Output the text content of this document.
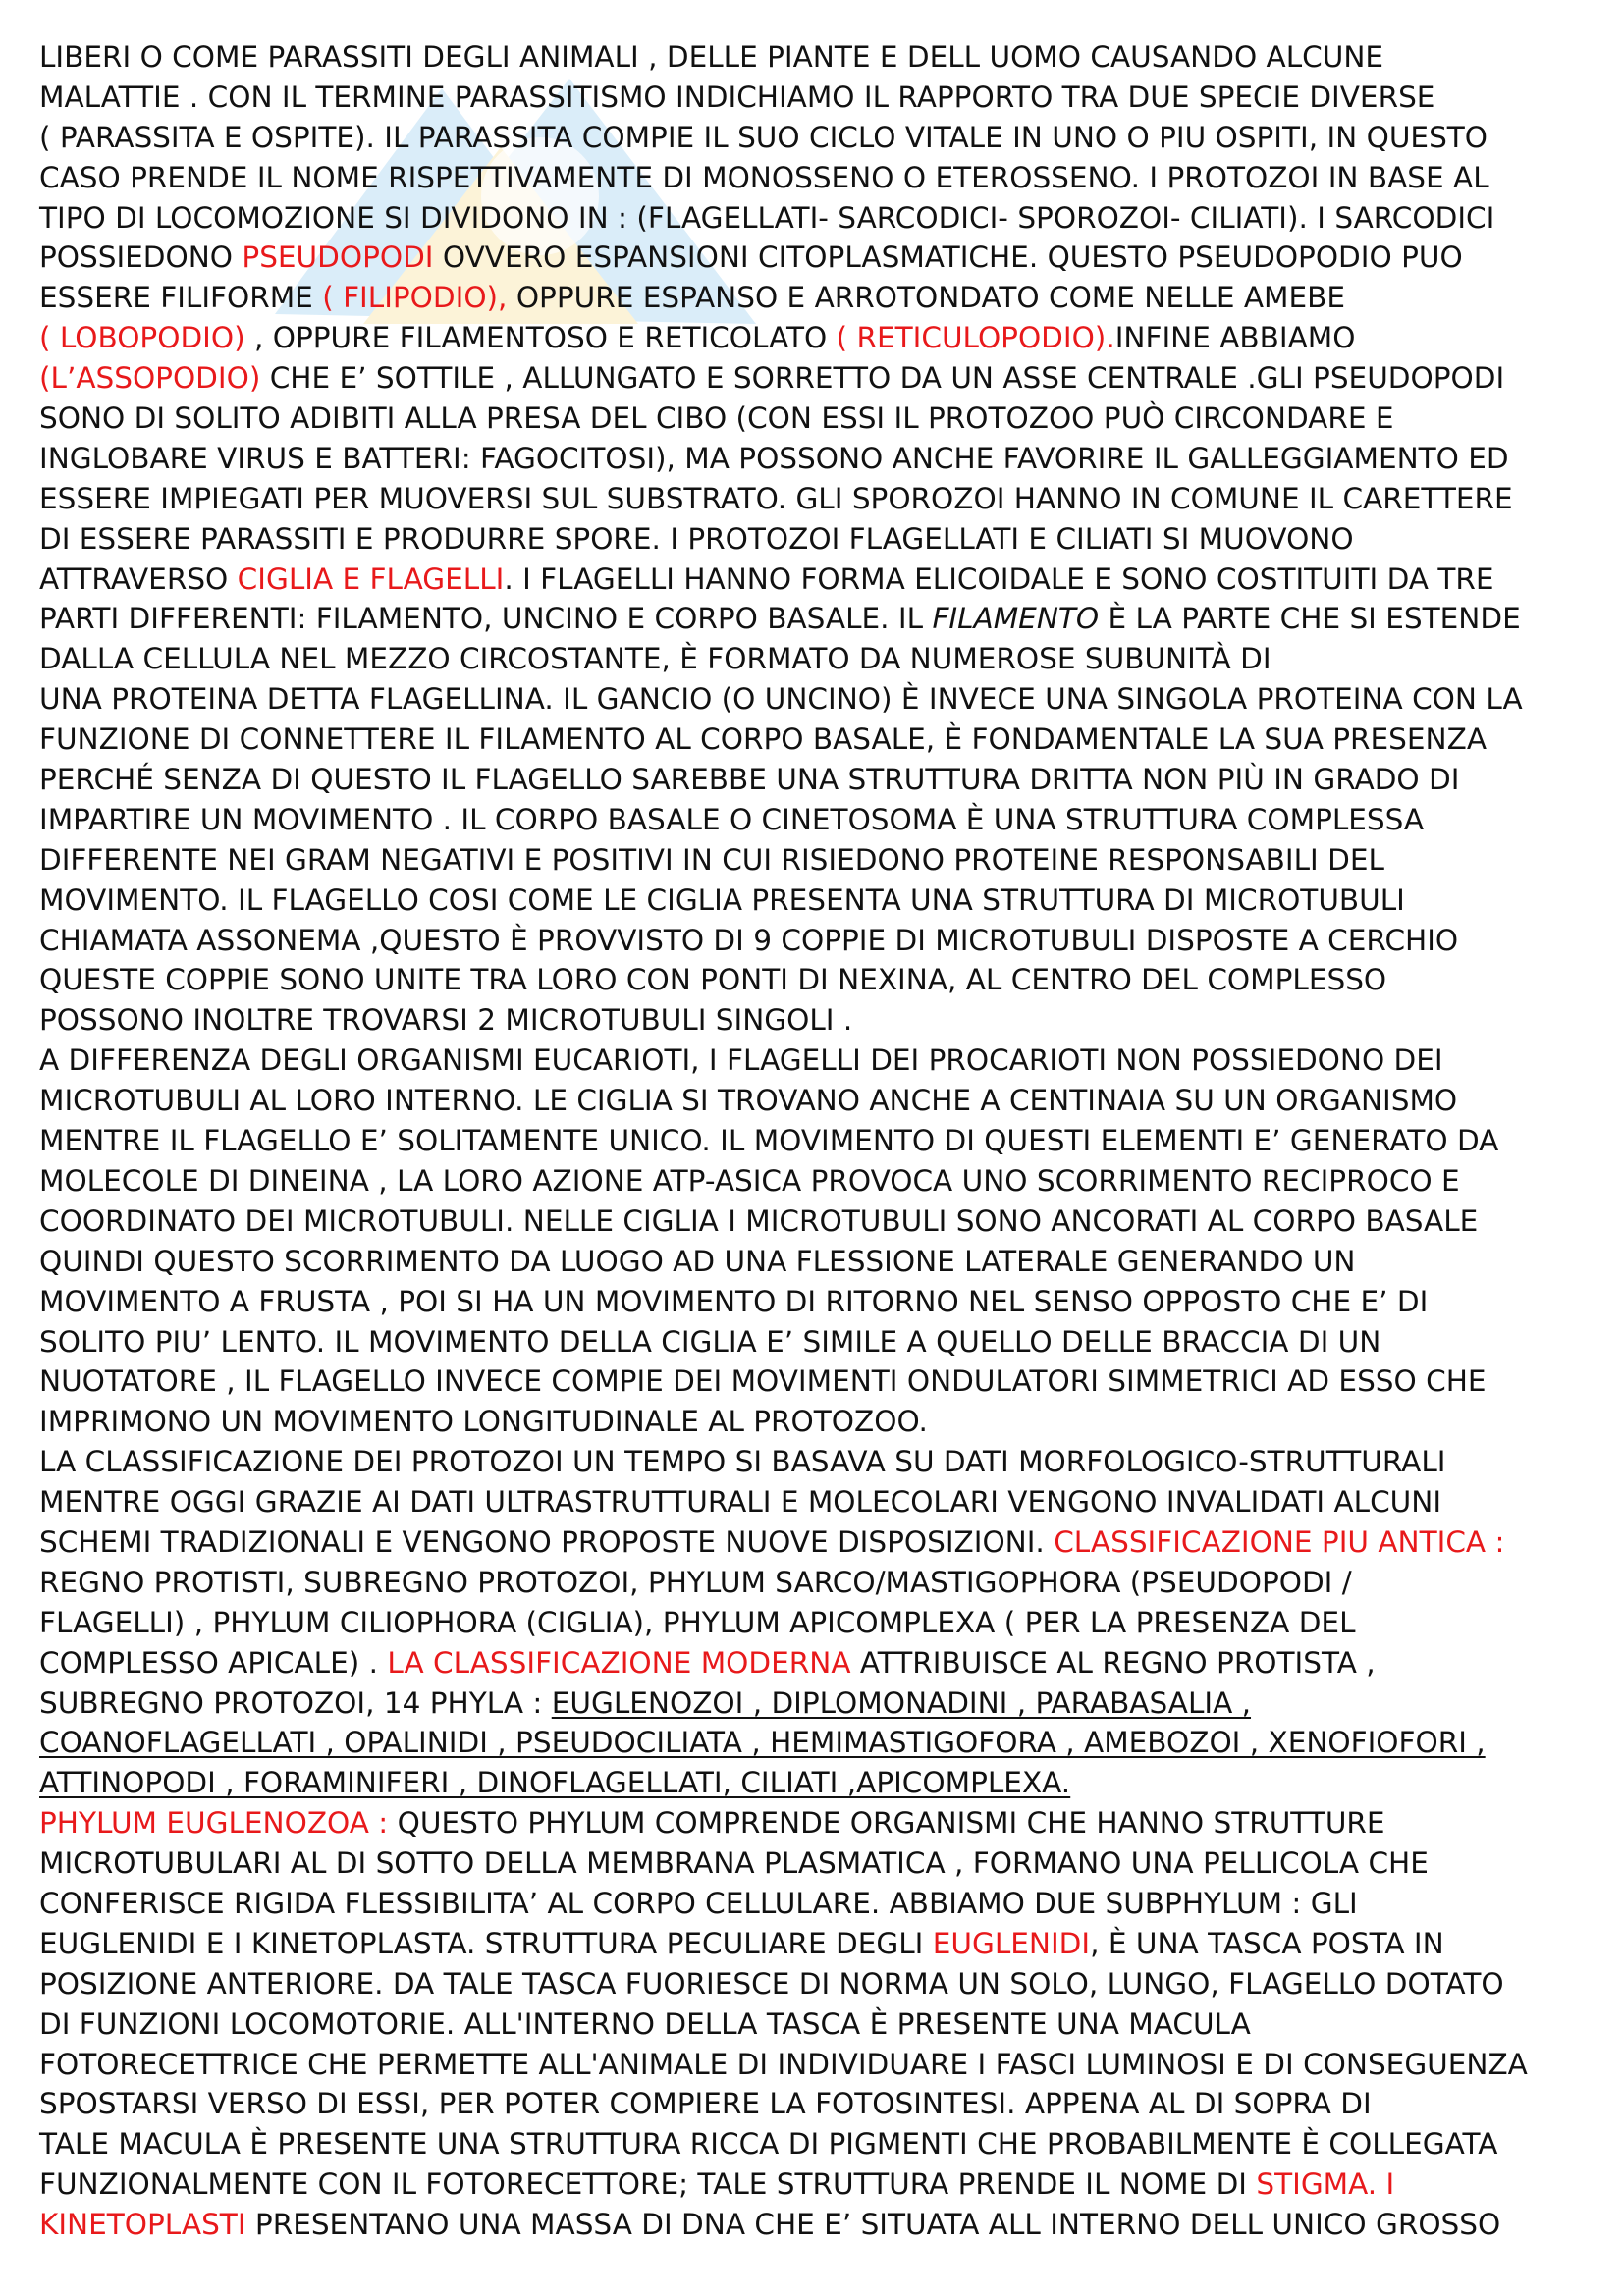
LIBERI O COME PARASSITI DEGLI ANIMALI , DELLE PIANTE E DELL UOMO CAUSANDO ALCUNE
MALATTIE . CON IL TERMINE PARASSITISMO INDICHIAMO IL RAPPORTO TRA DUE SPECIE DIVERSE
( PARASSITA E OSPITE). IL PARASSITA COMPIE IL SUO CICLO VITALE IN UNO O PIU OSPITI, IN QUESTO
CASO PRENDE IL NOME RISPETTIVAMENTE DI MONOSSENO O ETEROSSENO. I PROTOZOI IN BASE AL
TIPO DI LOCOMOZIONE SI DIVIDONO IN : (FLAGELLATI- SARCODICI- SPOROZOI- CILIATI). I SARCODICI
POSSIEDONO PSEUDOPODI OVVERO ESPANSIONI CITOPLASMATICHE. QUESTO PSEUDOPODIO PUO
ESSERE FILIFORME ( FILIPODIO), OPPURE ESPANSO E ARROTONDATO COME NELLE AMEBE
( LOBOPODIO) , OPPURE FILAMENTOSO E RETICOLATO ( RETICULOPODIO).INFINE ABBIAMO
(L’ASSOPODIO) CHE E’ SOTTILE , ALLUNGATO E SORRETTO DA UN ASSE CENTRALE .GLI PSEUDOPODI
SONO DI SOLITO ADIBITI ALLA PRESA DEL CIBO (CON ESSI IL PROTOZOO PUÒ CIRCONDARE E
INGLOBARE VIRUS E BATTERI: FAGOCITOSI), MA POSSONO ANCHE FAVORIRE IL GALLEGGIAMENTO ED
ESSERE IMPIEGATI PER MUOVERSI SUL SUBSTRATO. GLI SPOROZOI HANNO IN COMUNE IL CARETTERE
DI ESSERE PARASSITI E PRODURRE SPORE. I PROTOZOI FLAGELLATI E CILIATI SI MUOVONO
ATTRAVERSO CIGLIA E FLAGELLI. I FLAGELLI HANNO FORMA ELICOIDALE E SONO COSTITUITI DA TRE
PARTI DIFFERENTI: FILAMENTO, UNCINO E CORPO BASALE. IL FILAMENTO È LA PARTE CHE SI ESTENDE
DALLA CELLULA NEL MEZZO CIRCOSTANTE, È FORMATO DA NUMEROSE SUBUNITÀ DI
UNA PROTEINA DETTA FLAGELLINA. IL GANCIO (O UNCINO) È INVECE UNA SINGOLA PROTEINA CON LA
FUNZIONE DI CONNETTERE IL FILAMENTO AL CORPO BASALE, È FONDAMENTALE LA SUA PRESENZA
PERCHÉ SENZA DI QUESTO IL FLAGELLO SAREBBE UNA STRUTTURA DRITTA NON PIÙ IN GRADO DI
IMPARTIRE UN MOVIMENTO . IL CORPO BASALE O CINETOSOMA È UNA STRUTTURA COMPLESSA
DIFFERENTE NEI GRAM NEGATIVI E POSITIVI IN CUI RISIEDONO PROTEINE RESPONSABILI DEL
MOVIMENTO. IL FLAGELLO COSI COME LE CIGLIA PRESENTA UNA STRUTTURA DI MICROTUBULI
CHIAMATA ASSONEMA ,QUESTO È PROVVISTO DI 9 COPPIE DI MICROTUBULI DISPOSTE A CERCHIO
QUESTE COPPIE SONO UNITE TRA LORO CON PONTI DI NEXINA, AL CENTRO DEL COMPLESSO
POSSONO INOLTRE TROVARSI 2 MICROTUBULI SINGOLI .
A DIFFERENZA DEGLI ORGANISMI EUCARIOTI, I FLAGELLI DEI PROCARIOTI NON POSSIEDONO DEI
MICROTUBULI AL LORO INTERNO. LE CIGLIA SI TROVANO ANCHE A CENTINAIA SU UN ORGANISMO
MENTRE IL FLAGELLO E’ SOLITAMENTE UNICO. IL MOVIMENTO DI QUESTI ELEMENTI E’ GENERATO DA
MOLECOLE DI DINEINA , LA LORO AZIONE ATP-ASICA PROVOCA UNO SCORRIMENTO RECIPROCO E
COORDINATO DEI MICROTUBULI. NELLE CIGLIA I MICROTUBULI SONO ANCORATI AL CORPO BASALE
QUINDI QUESTO SCORRIMENTO DA LUOGO AD UNA FLESSIONE LATERALE GENERANDO UN
MOVIMENTO A FRUSTA , POI SI HA UN MOVIMENTO DI RITORNO NEL SENSO OPPOSTO CHE E’ DI
SOLITO PIU’ LENTO. IL MOVIMENTO DELLA CIGLIA E’ SIMILE A QUELLO DELLE BRACCIA DI UN
NUOTATORE , IL FLAGELLO INVECE COMPIE DEI MOVIMENTI ONDULATORI SIMMETRICI AD ESSO CHE
IMPRIMONO UN MOVIMENTO LONGITUDINALE AL PROTOZOO.
LA CLASSIFICAZIONE DEI PROTOZOI UN TEMPO SI BASAVA SU DATI MORFOLOGICO-STRUTTURALI
MENTRE OGGI GRAZIE AI DATI ULTRASTRUTTURALI E MOLECOLARI VENGONO INVALIDATI ALCUNI
SCHEMI TRADIZIONALI E VENGONO PROPOSTE NUOVE DISPOSIZIONI. CLASSIFICAZIONE PIU ANTICA :
REGNO PROTISTI, SUBREGNO PROTOZOI, PHYLUM SARCO/MASTIGOPHORA (PSEUDOPODI /
FLAGELLI) , PHYLUM CILIOPHORA (CIGLIA), PHYLUM APICOMPLEXA ( PER LA PRESENZA DEL
COMPLESSO APICALE) . LA CLASSIFICAZIONE MODERNA ATTRIBUISCE AL REGNO PROTISTA ,
SUBREGNO PROTOZOI, 14 PHYLA : EUGLENOZOI , DIPLOMONADINI , PARABASALIA ,
COANOFLAGELLATI , OPALINIDI , PSEUDOCILIATA , HEMIMASTIGOFORA , AMEBOZOI , XENOFIOFORI ,
ATTINOPODI , FORAMINIFERI , DINOFLAGELLATI, CILIATI ,APICOMPLEXA.
PHYLUM EUGLENOZOA : QUESTO PHYLUM COMPRENDE ORGANISMI CHE HANNO STRUTTURE
MICROTUBULARI AL DI SOTTO DELLA MEMBRANA PLASMATICA , FORMANO UNA PELLICOLA CHE
CONFERISCE RIGIDA FLESSIBILITA’ AL CORPO CELLULARE. ABBIAMO DUE SUBPHYLUM : GLI
EUGLENIDI E I KINETOPLASTA. STRUTTURA PECULIARE DEGLI EUGLENIDI, È UNA TASCA POSTA IN
POSIZIONE ANTERIORE. DA TALE TASCA FUORIESCE DI NORMA UN SOLO, LUNGO, FLAGELLO DOTATO
DI FUNZIONI LOCOMOTORIE. ALL'INTERNO DELLA TASCA È PRESENTE UNA MACULA
FOTORECETTRICE CHE PERMETTE ALL'ANIMALE DI INDIVIDUARE I FASCI LUMINOSI E DI CONSEGUENZA
SPOSTARSI VERSO DI ESSI, PER POTER COMPIERE LA FOTOSINTESI. APPENA AL DI SOPRA DI
TALE MACULA È PRESENTE UNA STRUTTURA RICCA DI PIGMENTI CHE PROBABILMENTE È COLLEGATA
FUNZIONALMENTE CON IL FOTORECETTORE; TALE STRUTTURA PRENDE IL NOME DI STIGMA. I
KINETOPLASTI PRESENTANO UNA MASSA DI DNA CHE E’ SITUATA ALL INTERNO DELL UNICO GROSSO
